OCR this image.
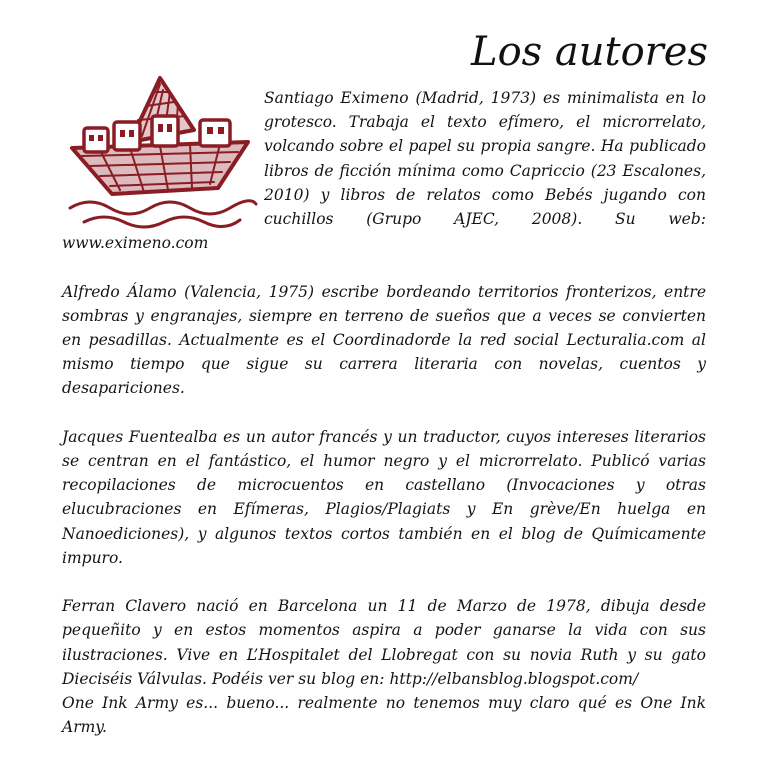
Los autores

Santiago Eximeno (Madrid, 1973) es minimalista en lo grotesco. Trabaja el texto efímero, el microrrelato, volcando sobre el papel su propia sangre. Ha publicado libros de ficción mínima como Capriccio (23 Escalones, 2010) y libros de relatos como Bebés jugando con cuchillos (Grupo AJEC, 2008). Su web: www.eximeno.com

Alfredo Álamo (Valencia, 1975) escribe bordeando territorios fronterizos, entre sombras y engranajes, siempre en terreno de sueños que a veces se convierten en pesadillas. Actualmente es el Coordinadorde la red social Lecturalia.com al mismo tiempo que sigue su carrera literaria con novelas, cuentos y desapariciones.

Jacques Fuentealba es un autor francés y un traductor, cuyos intereses literarios se centran en el fantástico, el humor negro y el microrrelato. Publicó varias recopilaciones de microcuentos en castellano (Invocaciones y otras elucubraciones en Efímeras, Plagios/Plagiats y En grève/En huelga en Nanoediciones), y algunos textos cortos también en el blog de Químicamente impuro.

Ferran Clavero nació en Barcelona un 11 de Marzo de 1978, dibuja desde pequeñito y en estos momentos aspira a poder ganarse la vida con sus ilustraciones. Vive en L’Hospitalet del Llobregat con su novia Ruth y su gato Dieciséis Válvulas. Podéis ver su blog en: http://elbansblog.blogspot.com/

One Ink Army es... bueno... realmente no tenemos muy claro qué es One Ink Army.
